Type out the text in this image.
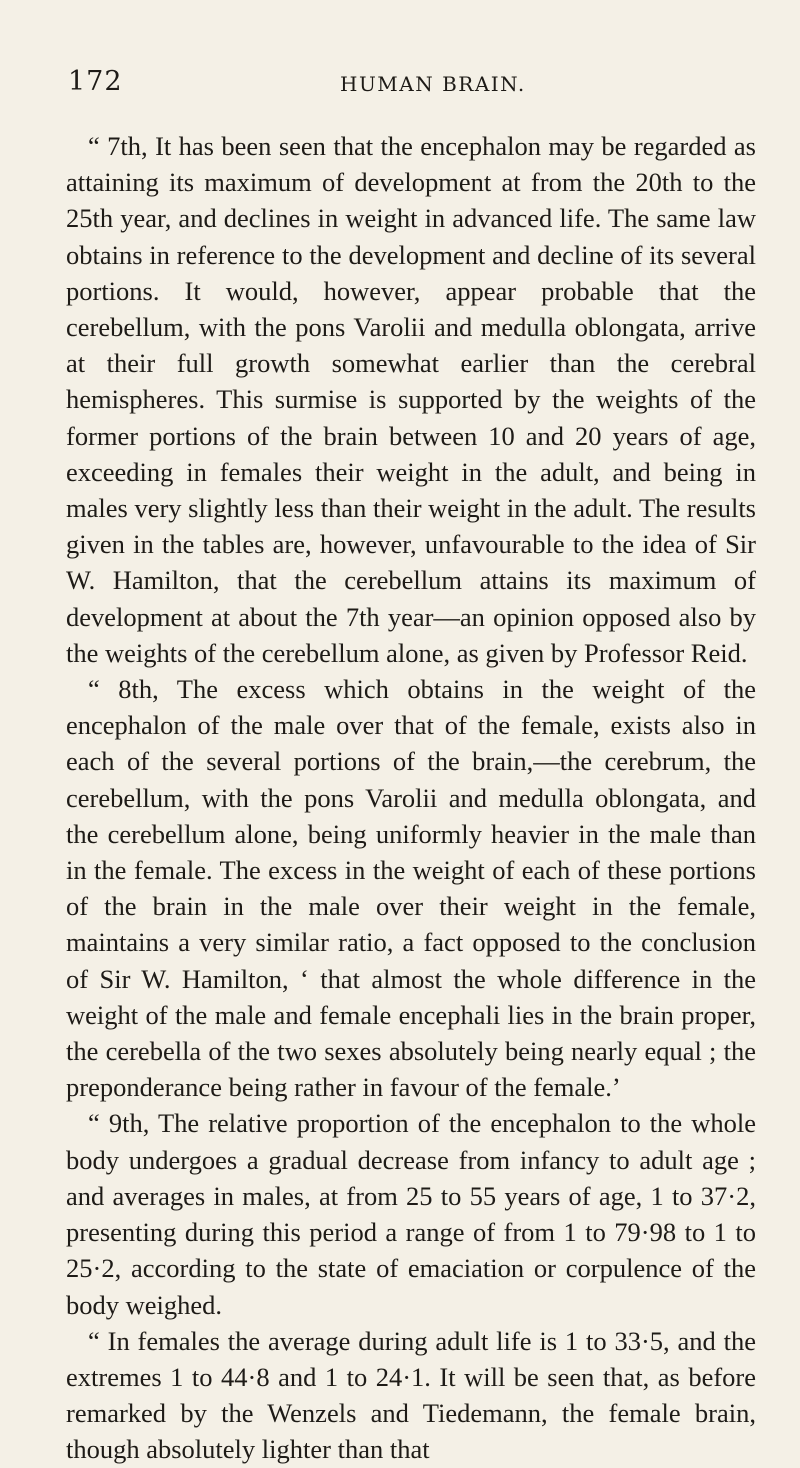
172	HUMAN BRAIN.

“ 7th, It has been seen that the encephalon may be regarded as attaining its maximum of development at from the 20th to the 25th year, and declines in weight in advanced life. The same law obtains in reference to the development and decline of its several portions. It would, however, appear probable that the cerebellum, with the pons Varolii and medulla oblongata, arrive at their full growth somewhat earlier than the cerebral hemispheres. This surmise is supported by the weights of the former portions of the brain between 10 and 20 years of age, exceeding in females their weight in the adult, and being in males very slightly less than their weight in the adult. The results given in the tables are, however, unfavourable to the idea of Sir W. Hamilton, that the cerebellum attains its maximum of development at about the 7th year—an opinion opposed also by the weights of the cerebellum alone, as given by Professor Reid.

“ 8th, The excess which obtains in the weight of the encephalon of the male over that of the female, exists also in each of the several portions of the brain,—the cerebrum, the cerebellum, with the pons Varolii and medulla oblongata, and the cerebellum alone, being uniformly heavier in the male than in the female. The excess in the weight of each of these portions of the brain in the male over their weight in the female, maintains a very similar ratio, a fact opposed to the conclusion of Sir W. Hamilton, ‘ that almost the whole difference in the weight of the male and female encephali lies in the brain proper, the cerebella of the two sexes absolutely being nearly equal ; the preponderance being rather in favour of the female.’

“ 9th, The relative proportion of the encephalon to the whole body undergoes a gradual decrease from infancy to adult age ; and averages in males, at from 25 to 55 years of age, 1 to 37·2, presenting during this period a range of from 1 to 79·98 to 1 to 25·2, according to the state of emaciation or corpulence of the body weighed.

“ In females the average during adult life is 1 to 33·5, and the extremes 1 to 44·8 and 1 to 24·1. It will be seen that, as before remarked by the Wenzels and Tiedemann, the female brain, though absolutely lighter than that
